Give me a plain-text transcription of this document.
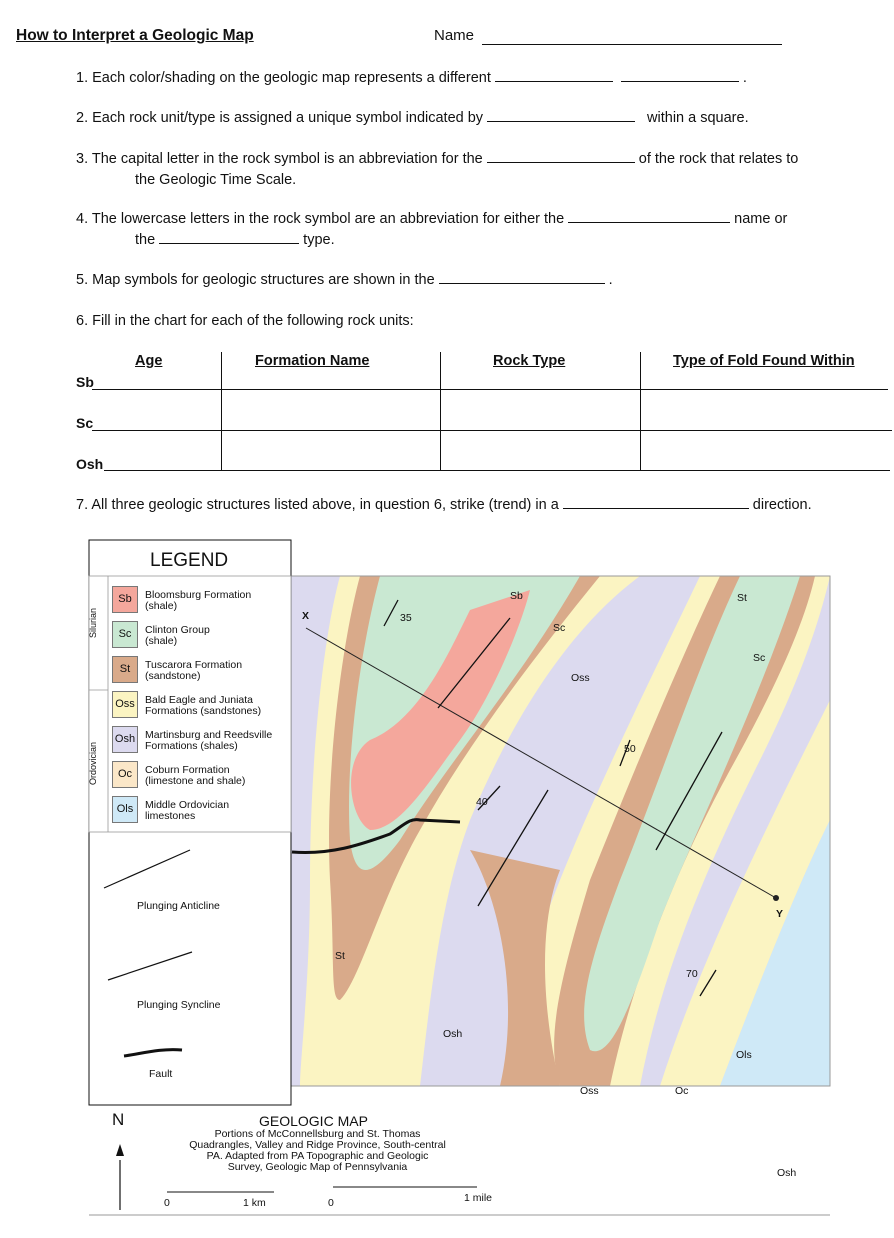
How to Interpret a Geologic Map	Name
1. Each color/shading on the geologic map represents a different	.
2. Each rock unit/type is assigned a unique symbol indicated by	within a square.
3. The capital letter in the rock symbol is an abbreviation for the	of the rock that relates to
the Geologic Time Scale.
4. The lowercase letters in the rock symbol are an abbreviation for either the	name or
the	type.
5. Map symbols for geologic structures are shown in the	.
6. Fill in the chart for each of the following rock units:
Age	Formation Name	Rock Type	Type of Fold Found Within
Sb
Sc
Osh
7. All three geologic structures listed above, in question 6, strike (trend) in a	direction.
LEGEND
Silurian
Ordovician
Sb	Bloomsburg Formation
(shale)
Sc	Clinton Group
(shale)
St	Tuscarora Formation
(sandstone)
Oss Bald Eagle and Juniata
Formations (sandstones)
Osh Martinsburg and Reedsville
Formations (shales)
Oc	Coburn Formation
(limestone and shale)
Ols	Middle Ordovician
limestones
Plunging Anticline
Plunging Syncline
Fault
Sb
Sc
Sc
St
St
Oss
Oss
Osh
Osh
Ols
Oc
X
Y
35
40
50
70
GEOLOGIC MAP
Portions of McConnellsburg and St. Thomas
Quadrangles, Valley and Ridge Province, South-central
PA. Adapted from PA Topographic and Geologic
Survey, Geologic Map of Pennsylvania
N
0	1 km	0	1 mile
